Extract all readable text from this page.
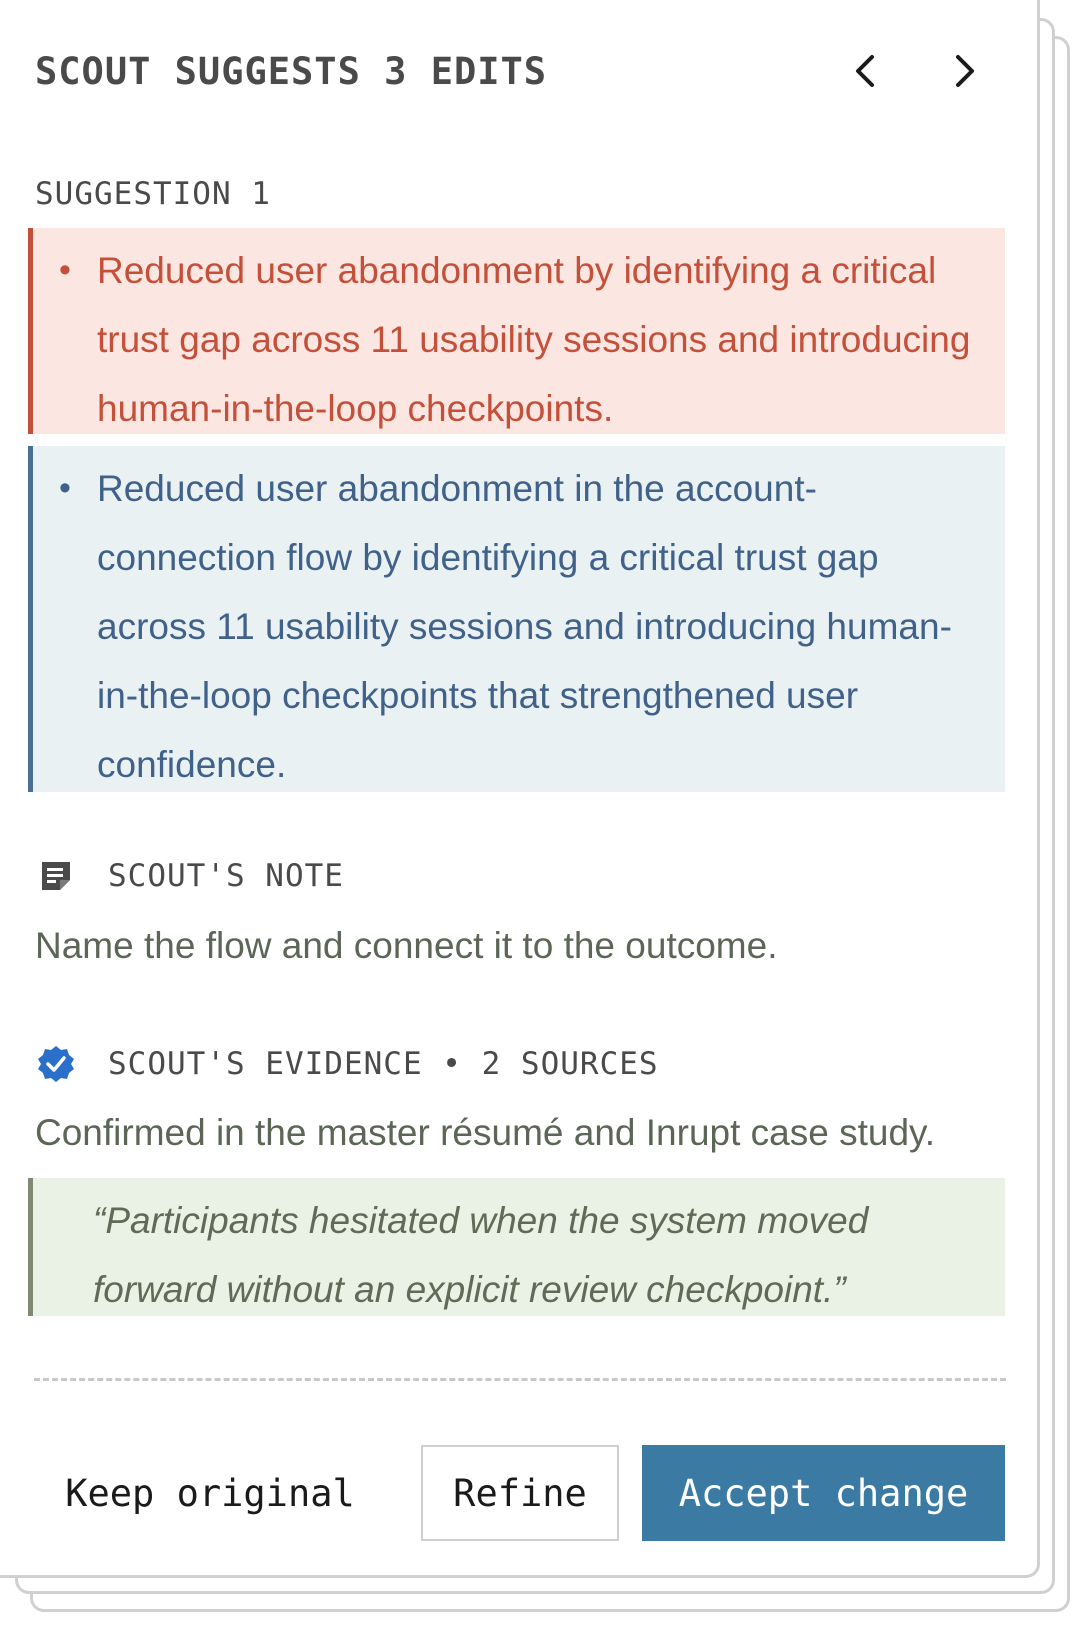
SCOUT SUGGESTS 3 EDITS
SUGGESTION 1
• Reduced user abandonment by identifying a critical trust gap across 11 usability sessions and introducing human-in-the-loop checkpoints.
• Reduced user abandonment in the account-connection flow by identifying a critical trust gap across 11 usability sessions and introducing human-in-the-loop checkpoints that strengthened user confidence.
SCOUT'S NOTE
Name the flow and connect it to the outcome.
SCOUT'S EVIDENCE • 2 SOURCES
Confirmed in the master résumé and Inrupt case study.
“Participants hesitated when the system moved forward without an explicit review checkpoint.”
Keep original	Refine	Accept change
